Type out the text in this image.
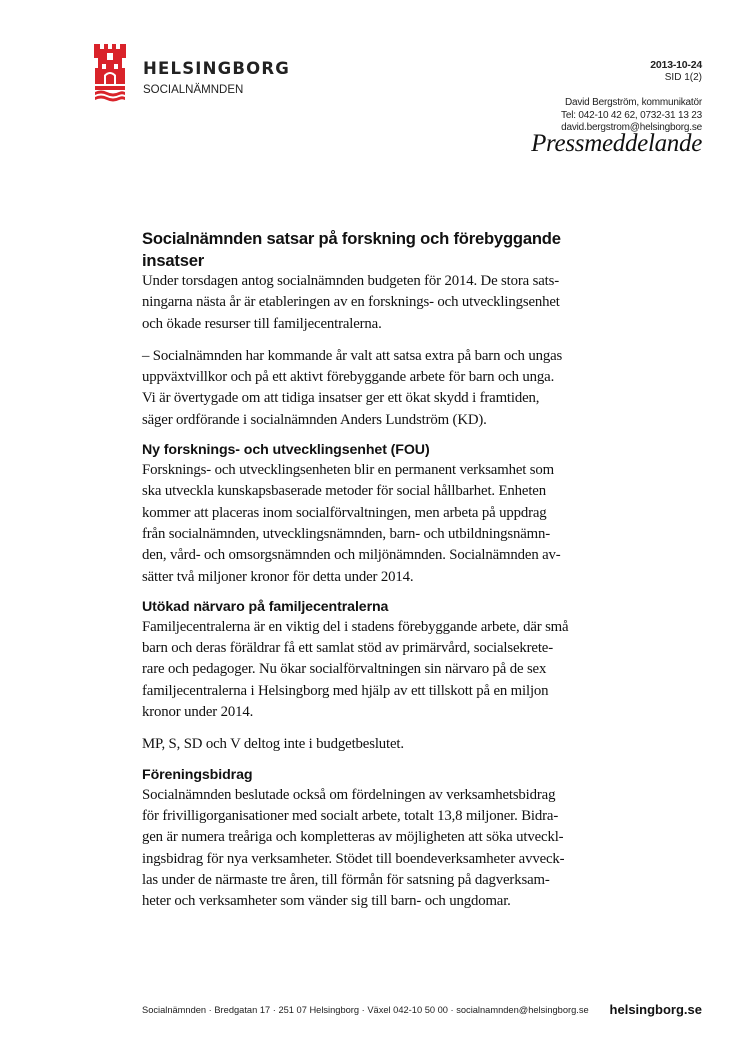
HELSINGBORG
SOCIALNÄMNDEN
2013-10-24
SID 1(2)
David Bergström, kommunikatör
Tel: 042-10 42 62, 0732-31 13 23
david.bergstrom@helsingborg.se
Pressmeddelande
Socialnämnden satsar på forskning och förebyggande
insatser

Under torsdagen antog socialnämnden budgeten för 2014. De stora sats-
ningarna nästa år är etableringen av en forsknings- och utvecklingsenhet
och ökade resurser till familjecentralerna.

– Socialnämnden har kommande år valt att satsa extra på barn och ungas
uppväxtvillkor och på ett aktivt förebyggande arbete för barn och unga.
Vi är övertygade om att tidiga insatser ger ett ökat skydd i framtiden,
säger ordförande i socialnämnden Anders Lundström (KD).

Ny forsknings- och utvecklingsenhet (FOU)

Forsknings- och utvecklingsenheten blir en permanent verksamhet som
ska utveckla kunskapsbaserade metoder för social hållbarhet. Enheten
kommer att placeras inom socialförvaltningen, men arbeta på uppdrag
från socialnämnden, utvecklingsnämnden, barn- och utbildningsnämn-
den, vård- och omsorgsnämnden och miljönämnden. Socialnämnden av-
sätter två miljoner kronor för detta under 2014.

Utökad närvaro på familjecentralerna

Familjecentralerna är en viktig del i stadens förebyggande arbete, där små
barn och deras föräldrar få ett samlat stöd av primärvård, socialsekrete-
rare och pedagoger. Nu ökar socialförvaltningen sin närvaro på de sex
familjecentralerna i Helsingborg med hjälp av ett tillskott på en miljon
kronor under 2014.

MP, S, SD och V deltog inte i budgetbeslutet.

Föreningsbidrag

Socialnämnden beslutade också om fördelningen av verksamhetsbidrag
för frivilligorganisationer med socialt arbete, totalt 13,8 miljoner. Bidra-
gen är numera treåriga och kompletteras av möjligheten att söka utveckl-
ingsbidrag för nya verksamheter. Stödet till boendeverksamheter avveck-
las under de närmaste tre åren, till förmån för satsning på dagverksam-
heter och verksamheter som vänder sig till barn- och ungdomar.

Socialnämnden · Bredgatan 17 · 251 07 Helsingborg · Växel 042-10 50 00 · socialnamnden@helsingborg.se helsingborg.se
